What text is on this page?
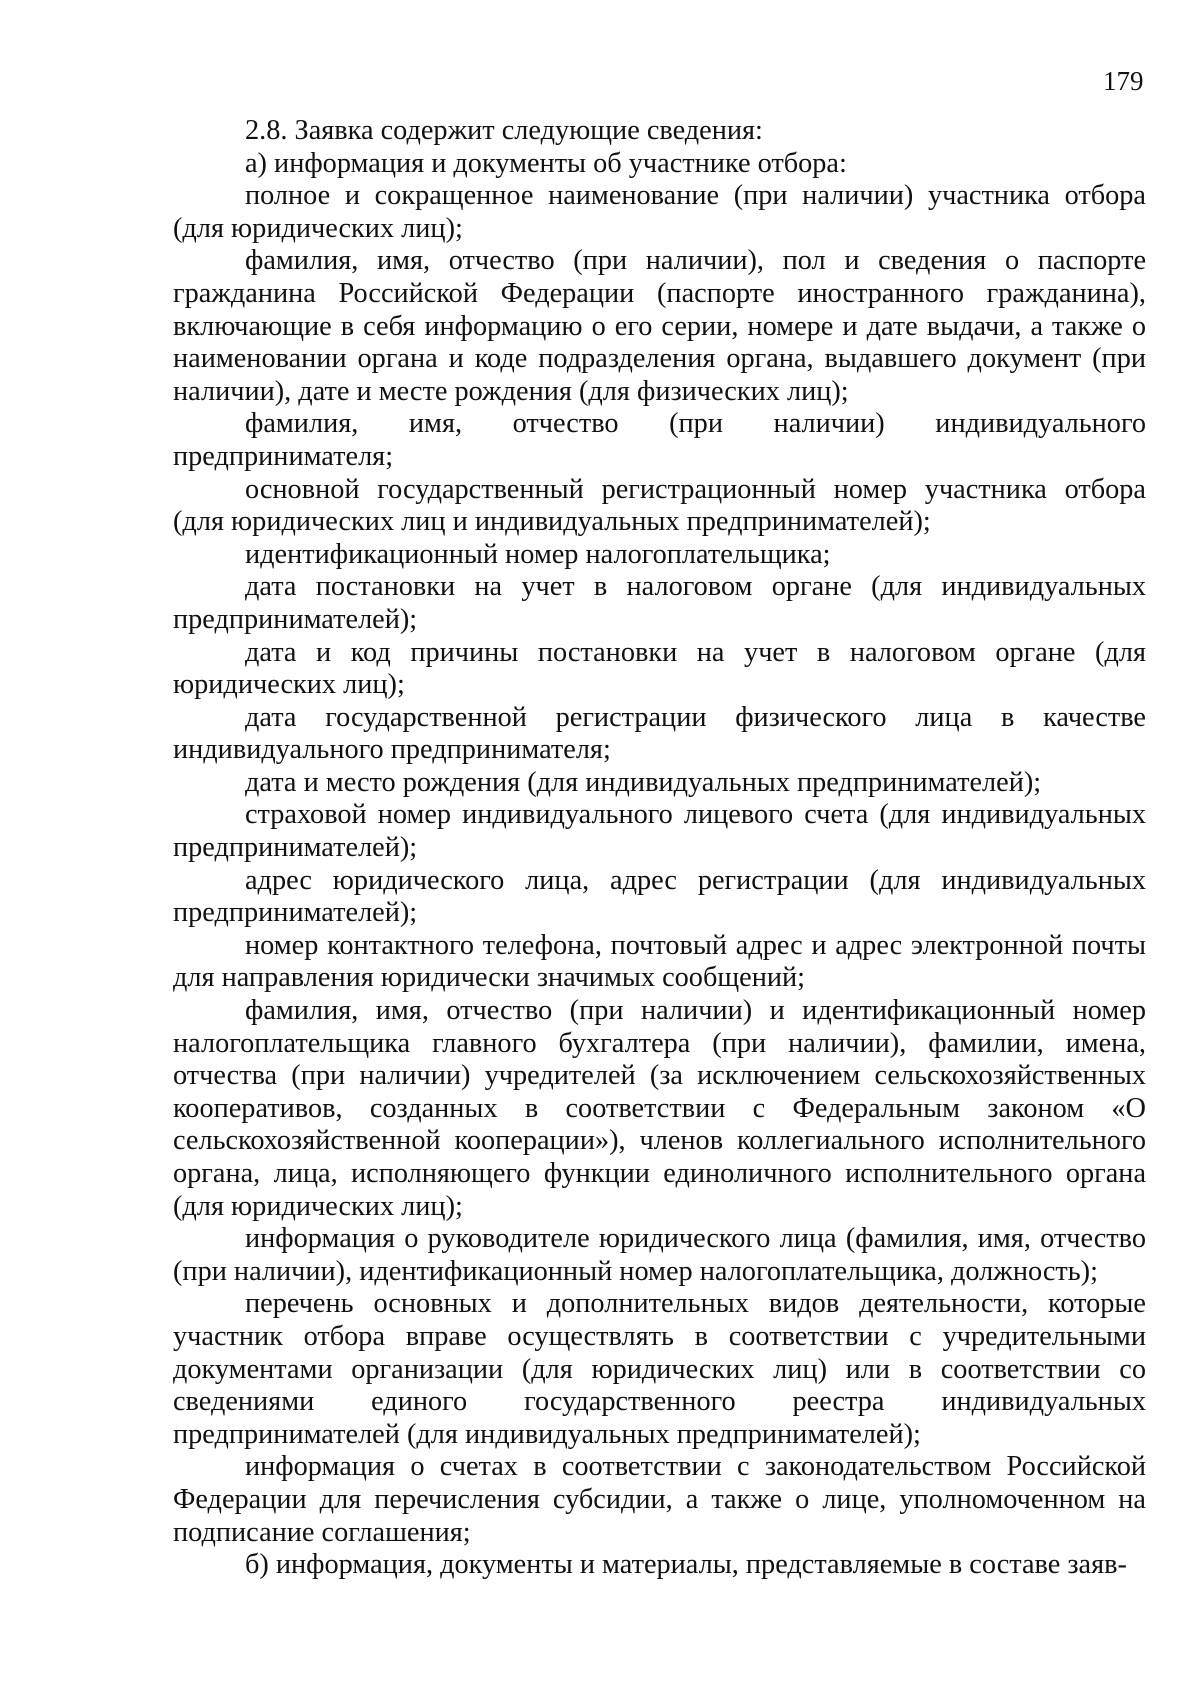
179

2.8. Заявка содержит следующие сведения:

а) информация и документы об участнике отбора:

полное и сокращенное наименование (при наличии) участника отбора (для юридических лиц);

фамилия, имя, отчество (при наличии), пол и сведения о паспорте гражданина Российской Федерации (паспорте иностранного гражданина), включающие в себя информацию о его серии, номере и дате выдачи, а также о наименовании органа и коде подразделения органа, выдавшего документ (при наличии), дате и месте рождения (для физических лиц);

фамилия, имя, отчество (при наличии) индивидуального предпринимателя;

основной государственный регистрационный номер участника отбора (для юридических лиц и индивидуальных предпринимателей);

идентификационный номер налогоплательщика;

дата постановки на учет в налоговом органе (для индивидуальных предпринимателей);

дата и код причины постановки на учет в налоговом органе (для юридических лиц);

дата государственной регистрации физического лица в качестве индивидуального предпринимателя;

дата и место рождения (для индивидуальных предпринимателей);

страховой номер индивидуального лицевого счета (для индивидуальных предпринимателей);

адрес юридического лица, адрес регистрации (для индивидуальных предпринимателей);

номер контактного телефона, почтовый адрес и адрес электронной почты для направления юридически значимых сообщений;

фамилия, имя, отчество (при наличии) и идентификационный номер налогоплательщика главного бухгалтера (при наличии), фамилии, имена, отчества (при наличии) учредителей (за исключением сельскохозяйственных кооперативов, созданных в соответствии с Федеральным законом «О сельскохозяйственной кооперации»), членов коллегиального исполнительного органа, лица, исполняющего функции единоличного исполнительного органа (для юридических лиц);

информация о руководителе юридического лица (фамилия, имя, отчество (при наличии), идентификационный номер налогоплательщика, должность);

перечень основных и дополнительных видов деятельности, которые участник отбора вправе осуществлять в соответствии с учредительными документами организации (для юридических лиц) или в соответствии со сведениями единого государственного реестра индивидуальных предпринимателей (для индивидуальных предпринимателей);

информация о счетах в соответствии с законодательством Российской Федерации для перечисления субсидии, а также о лице, уполномоченном на подписание соглашения;

б) информация, документы и материалы, представляемые в составе заяв-
